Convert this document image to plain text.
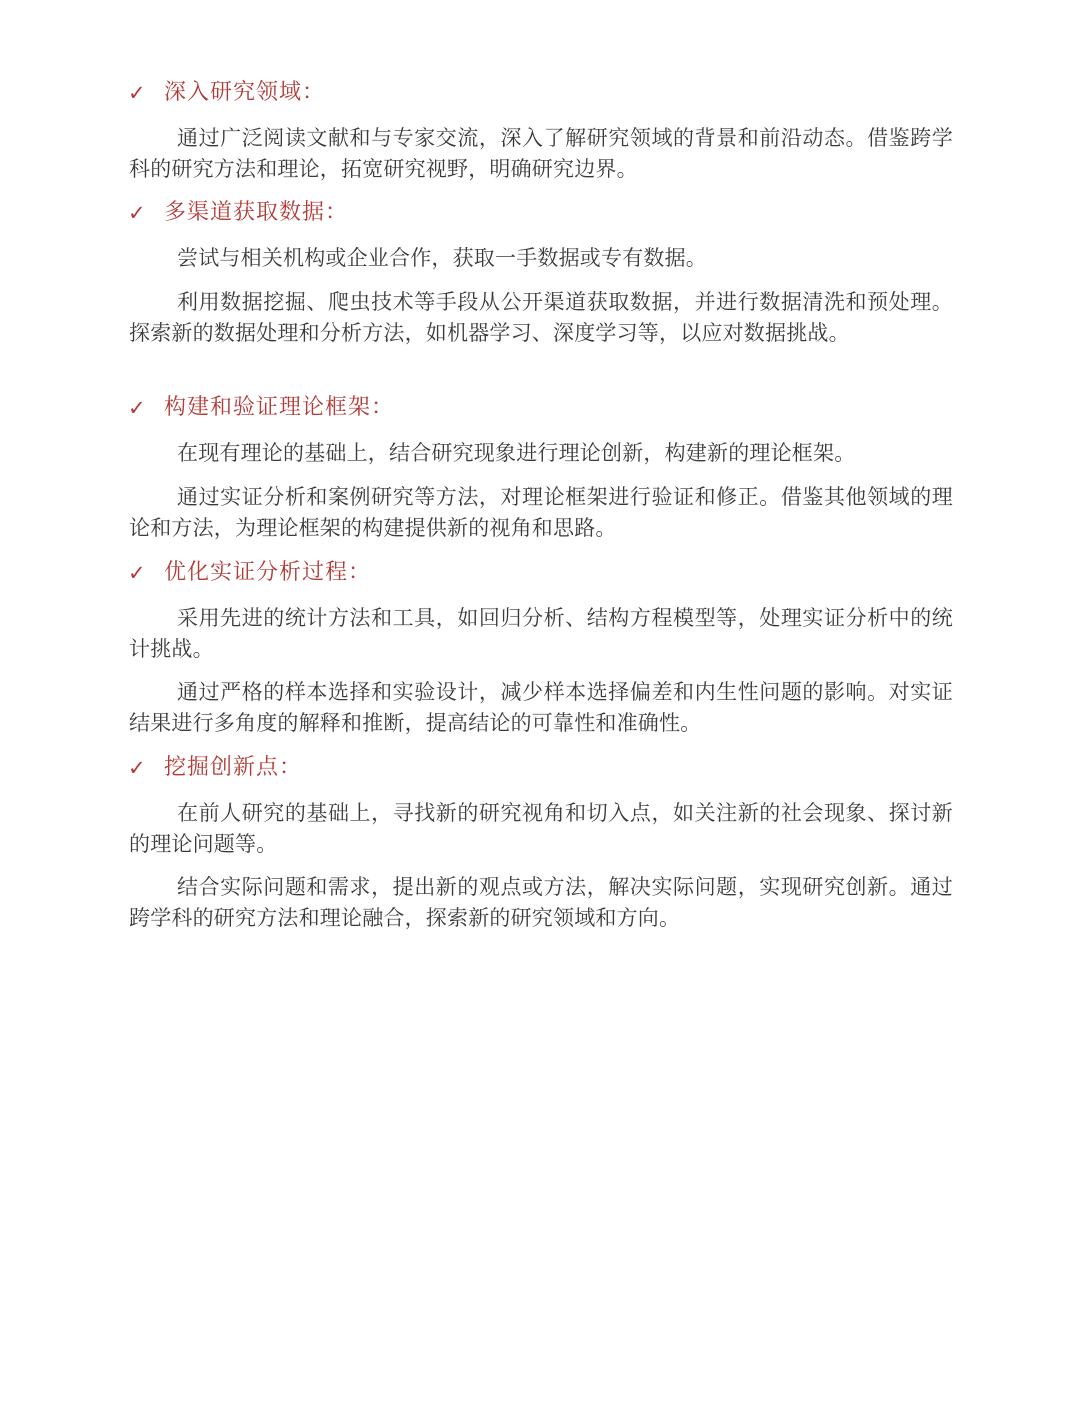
✓ 深入研究领域：

通过广泛阅读文献和与专家交流，深入了解研究领域的背景和前沿动态。借鉴跨学科的研究方法和理论，拓宽研究视野，明确研究边界。

✓ 多渠道获取数据：

尝试与相关机构或企业合作，获取一手数据或专有数据。

利用数据挖掘、爬虫技术等手段从公开渠道获取数据，并进行数据清洗和预处理。探索新的数据处理和分析方法，如机器学习、深度学习等，以应对数据挑战。

✓ 构建和验证理论框架：

在现有理论的基础上，结合研究现象进行理论创新，构建新的理论框架。

通过实证分析和案例研究等方法，对理论框架进行验证和修正。借鉴其他领域的理论和方法，为理论框架的构建提供新的视角和思路。

✓ 优化实证分析过程：

采用先进的统计方法和工具，如回归分析、结构方程模型等，处理实证分析中的统计挑战。

通过严格的样本选择和实验设计，减少样本选择偏差和内生性问题的影响。对实证结果进行多角度的解释和推断，提高结论的可靠性和准确性。

✓ 挖掘创新点：

在前人研究的基础上，寻找新的研究视角和切入点，如关注新的社会现象、探讨新的理论问题等。

结合实际问题和需求，提出新的观点或方法，解决实际问题，实现研究创新。通过跨学科的研究方法和理论融合，探索新的研究领域和方向。
